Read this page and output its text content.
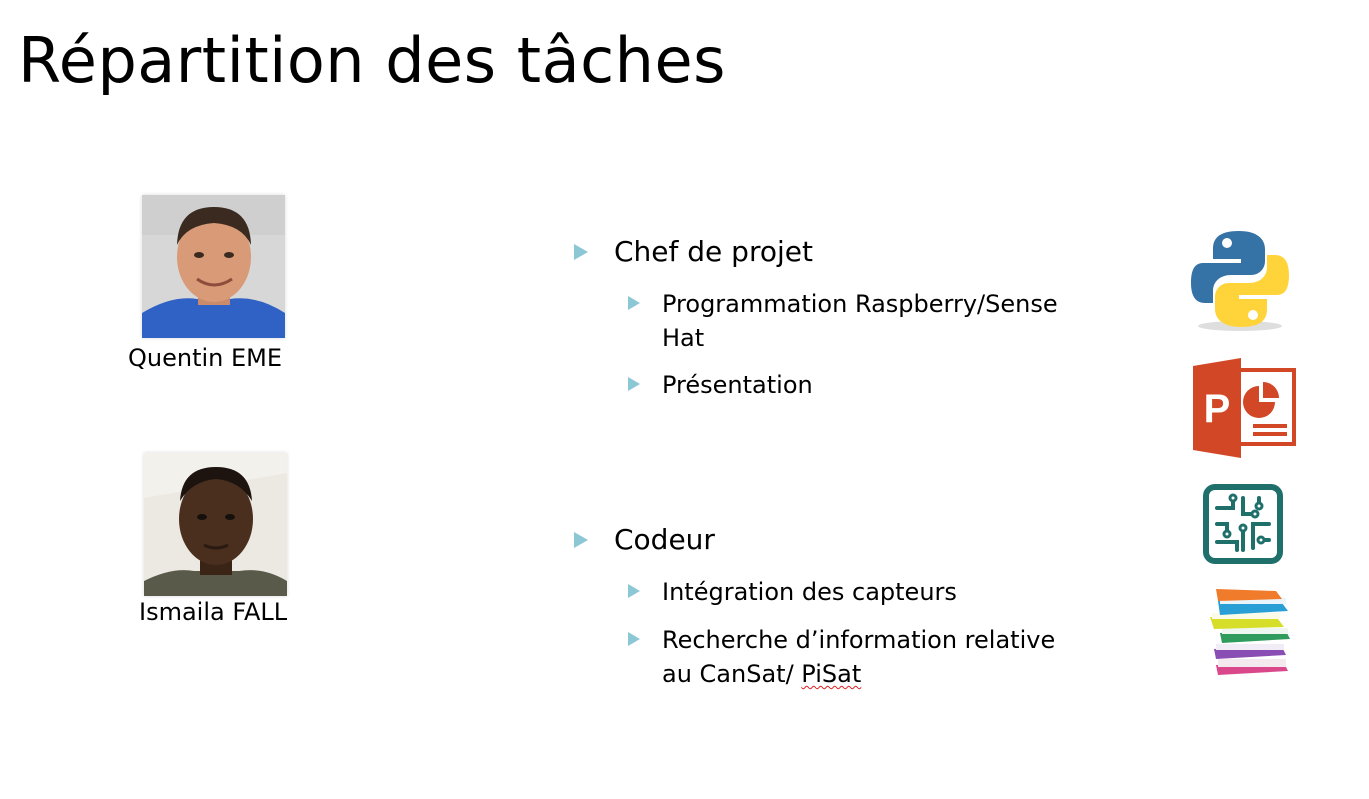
Répartition des tâches
Quentin EME
Ismaila FALL
Chef de projet
Programmation Raspberry/Sense
Hat
Présentation
Codeur
Intégration des capteurs
Recherche d’information relative
au CanSat/ PiSat
P
